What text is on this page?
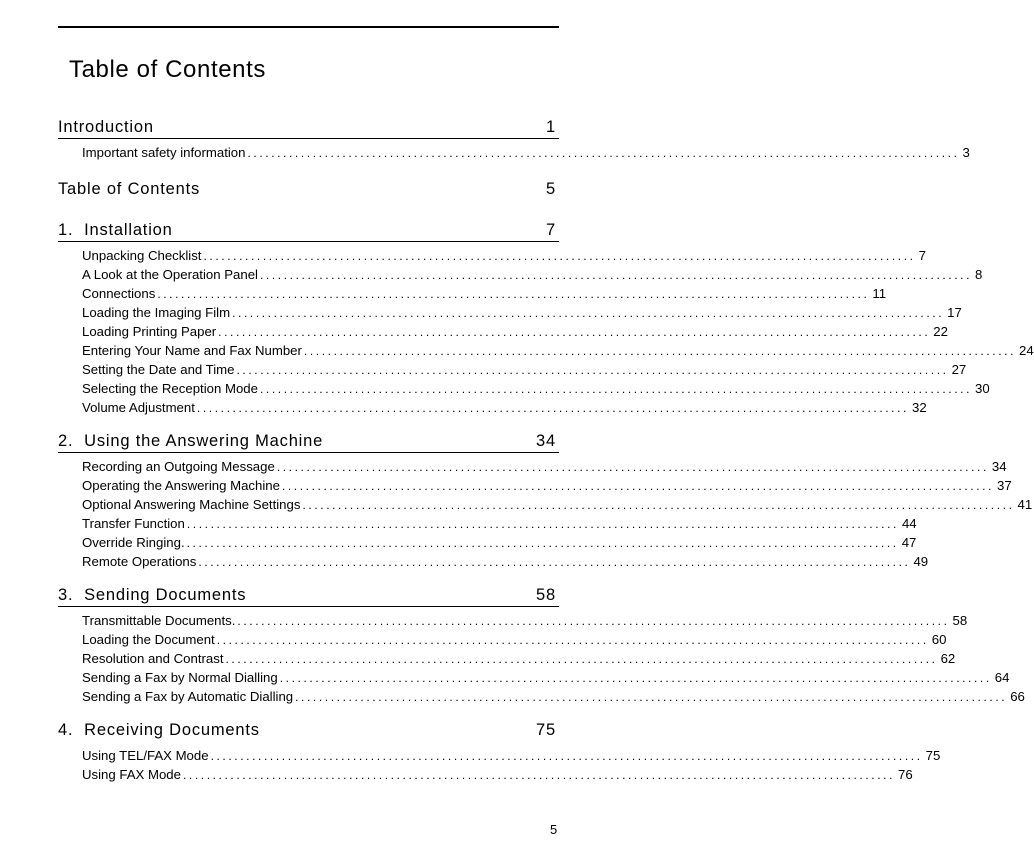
Table of Contents
Introduction	1
Important safety information ........................................................................................................................ 3
Table of Contents	5
1.  Installation	7
Unpacking Checklist ........................................................................................................................ 7
A Look at the Operation Panel ........................................................................................................................ 8
Connections ........................................................................................................................ 11
Loading the Imaging Film ........................................................................................................................ 17
Loading Printing Paper ........................................................................................................................ 22
Entering Your Name and Fax Number ........................................................................................................................ 24
Setting the Date and Time ........................................................................................................................ 27
Selecting the Reception Mode ........................................................................................................................ 30
Volume Adjustment ........................................................................................................................ 32
2.  Using the Answering Machine	34
Recording an Outgoing Message ........................................................................................................................ 34
Operating the Answering Machine ........................................................................................................................ 37
Optional Answering Machine Settings ........................................................................................................................ 41
Transfer Function ........................................................................................................................ 44
Override Ringing. ........................................................................................................................ 47
Remote Operations ........................................................................................................................ 49
3.  Sending Documents	58
Transmittable Documents. ........................................................................................................................ 58
Loading the Document ........................................................................................................................ 60
Resolution and Contrast ........................................................................................................................ 62
Sending a Fax by Normal Dialling ........................................................................................................................ 64
Sending a Fax by Automatic Dialling ........................................................................................................................ 66
4.  Receiving Documents	75
Using TEL/FAX Mode ........................................................................................................................ 75
Using FAX Mode ........................................................................................................................ 76
5
